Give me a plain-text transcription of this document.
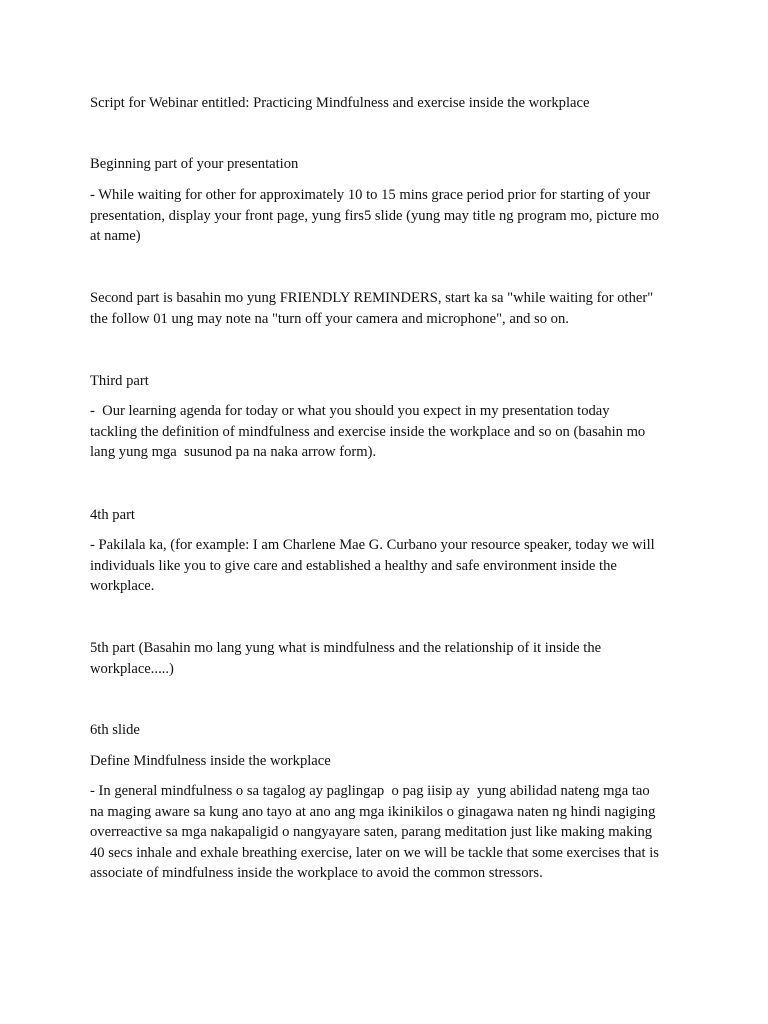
Script for Webinar entitled: Practicing Mindfulness and exercise inside the workplace

Beginning part of your presentation

- While waiting for other for approximately 10 to 15 mins grace period prior for starting of your
presentation, display your front page, yung firs5 slide (yung may title ng program mo, picture mo
at name)

Second part is basahin mo yung FRIENDLY REMINDERS, start ka sa "while waiting for other"
the follow 01 ung may note na "turn off your camera and microphone", and so on.

Third part

-  Our learning agenda for today or what you should you expect in my presentation today
tackling the definition of mindfulness and exercise inside the workplace and so on (basahin mo
lang yung mga  susunod pa na naka arrow form).

4th part

- Pakilala ka, (for example: I am Charlene Mae G. Curbano your resource speaker, today we will
individuals like you to give care and established a healthy and safe environment inside the
workplace.

5th part (Basahin mo lang yung what is mindfulness and the relationship of it inside the
workplace.....)

6th slide

Define Mindfulness inside the workplace

- In general mindfulness o sa tagalog ay paglingap  o pag iisip ay  yung abilidad nateng mga tao
na maging aware sa kung ano tayo at ano ang mga ikinikilos o ginagawa naten ng hindi nagiging
overreactive sa mga nakapaligid o nangyayare saten, parang meditation just like making making
40 secs inhale and exhale breathing exercise, later on we will be tackle that some exercises that is
associate of mindfulness inside the workplace to avoid the common stressors.
